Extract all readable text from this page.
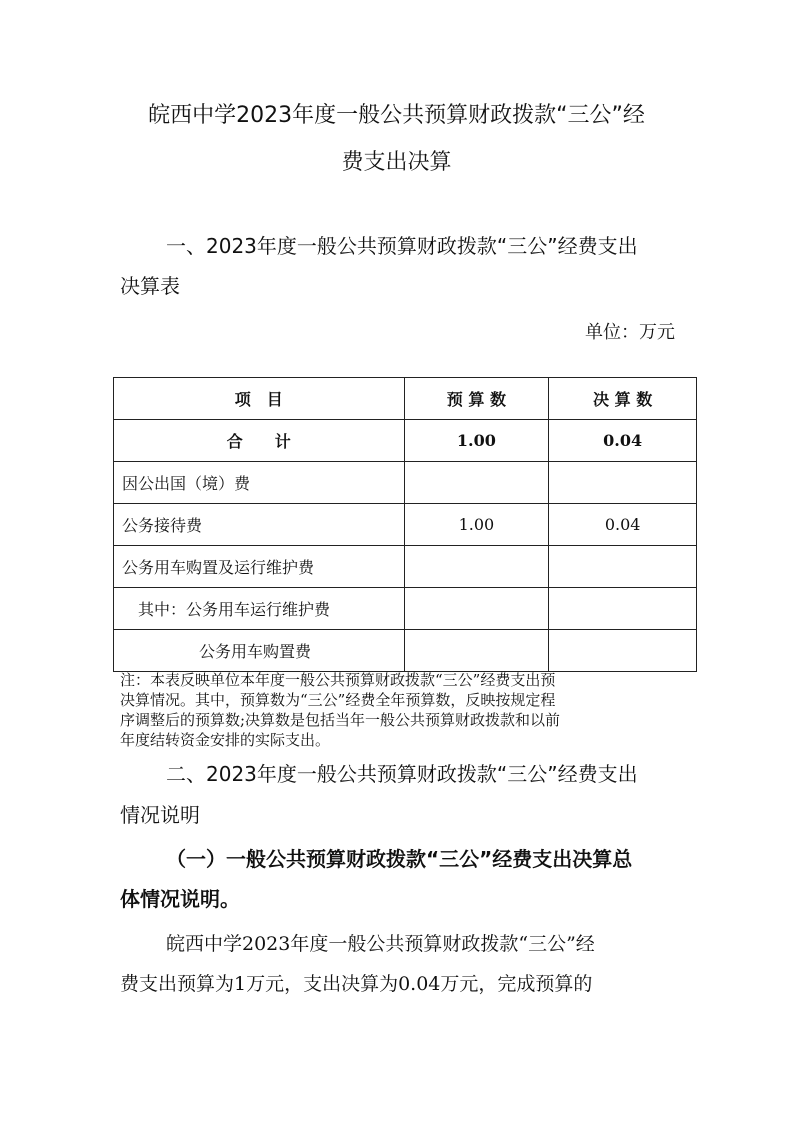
皖西中学2023年度一般公共预算财政拨款“三公”经
费支出决算
一、2023年度一般公共预算财政拨款“三公”经费支出
决算表
单位：万元
项　目	预 算 数	决 算 数
合　　计	1.00	0.04
因公出国（境）费		
公务接待费	1.00	0.04
公务用车购置及运行维护费		
其中：公务用车运行维护费		
公务用车购置费		
注：本表反映单位本年度一般公共预算财政拨款“三公”经费支出预
决算情况。其中，预算数为“三公”经费全年预算数，反映按规定程
序调整后的预算数;决算数是包括当年一般公共预算财政拨款和以前
年度结转资金安排的实际支出。
二、2023年度一般公共预算财政拨款“三公”经费支出
情况说明
（一）一般公共预算财政拨款“三公”经费支出决算总
体情况说明。
皖西中学2023年度一般公共预算财政拨款“三公”经
费支出预算为1万元，支出决算为0.04万元，完成预算的
